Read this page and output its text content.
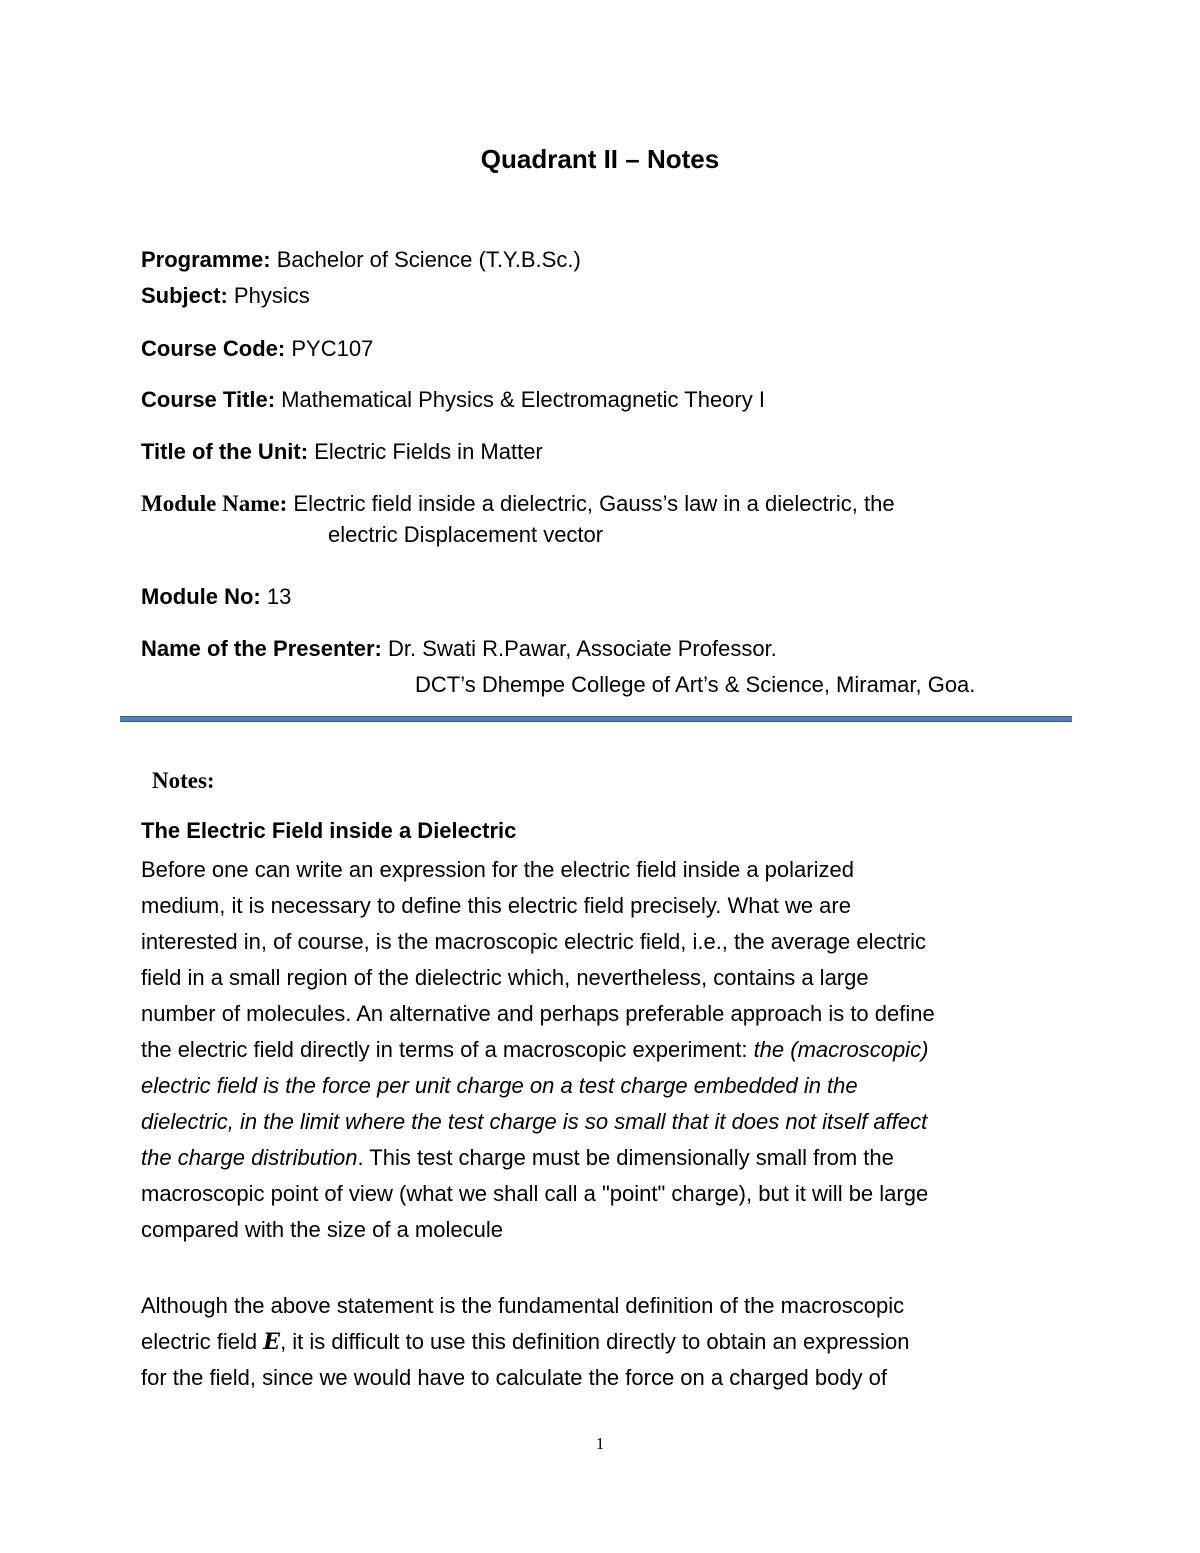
Quadrant II – Notes
Programme: Bachelor of Science (T.Y.B.Sc.)
Subject: Physics
Course Code: PYC107
Course Title: Mathematical Physics & Electromagnetic Theory I
Title of the Unit: Electric Fields in Matter
Module Name: Electric field inside a dielectric, Gauss’s law in a dielectric, the
electric Displacement vector
Module No: 13
Name of the Presenter: Dr. Swati R.Pawar, Associate Professor.
DCT’s Dhempe College of Art’s & Science, Miramar, Goa.
Notes:
The Electric Field inside a Dielectric
Before one can write an expression for the electric field inside a polarized
medium, it is necessary to define this electric field precisely. What we are
interested in, of course, is the macroscopic electric field, i.e., the average electric
field in a small region of the dielectric which, nevertheless, contains a large
number of molecules. An alternative and perhaps preferable approach is to define
the electric field directly in terms of a macroscopic experiment: the (macroscopic)
electric field is the force per unit charge on a test charge embedded in the
dielectric, in the limit where the test charge is so small that it does not itself affect
the charge distribution. This test charge must be dimensionally small from the
macroscopic point of view (what we shall call a "point" charge), but it will be large
compared with the size of a molecule
Although the above statement is the fundamental definition of the macroscopic
electric field E, it is difficult to use this definition directly to obtain an expression
for the field, since we would have to calculate the force on a charged body of
1
